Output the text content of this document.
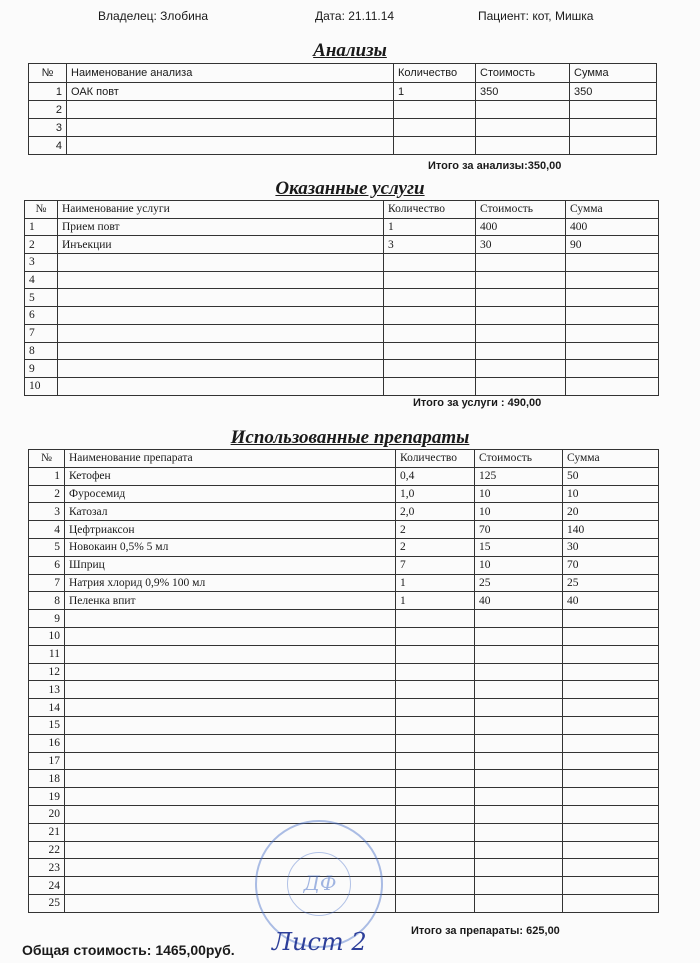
Владелец: Злобина	Дата: 21.11.14	Пациент: кот, Мишка
Анализы
№	Наименование анализа	Количество	Стоимость	Сумма
1	ОАК повт	1	350	350
2				
3				
4				
Итого за анализы:350,00
Оказанные услуги
№	Наименование услуги	Количество	Стоимость	Сумма
1	Прием повт	1	400	400
2	Инъекции	3	30	90
3				
4				
5				
6				
7				
8				
9				
10				
Итого за услуги : 490,00
Использованные препараты
№	Наименование препарата	Количество	Стоимость	Сумма
1	Кетофен	0,4	125	50
2	Фуросемид	1,0	10	10
3	Катозал	2,0	10	20
4	Цефтриаксон	2	70	140
5	Новокаин 0,5% 5 мл	2	15	30
6	Шприц	7	10	70
7	Натрия хлорид 0,9% 100 мл	1	25	25
8	Пеленка впит	1	40	40
9				
10				
11				
12				
13				
14				
15				
16				
17				
18				
19				
20				
21				
22				
23				
24				
25				
Итого за препараты: 625,00
Общая стоимость: 1465,00руб.
ДФ
Лист 2
